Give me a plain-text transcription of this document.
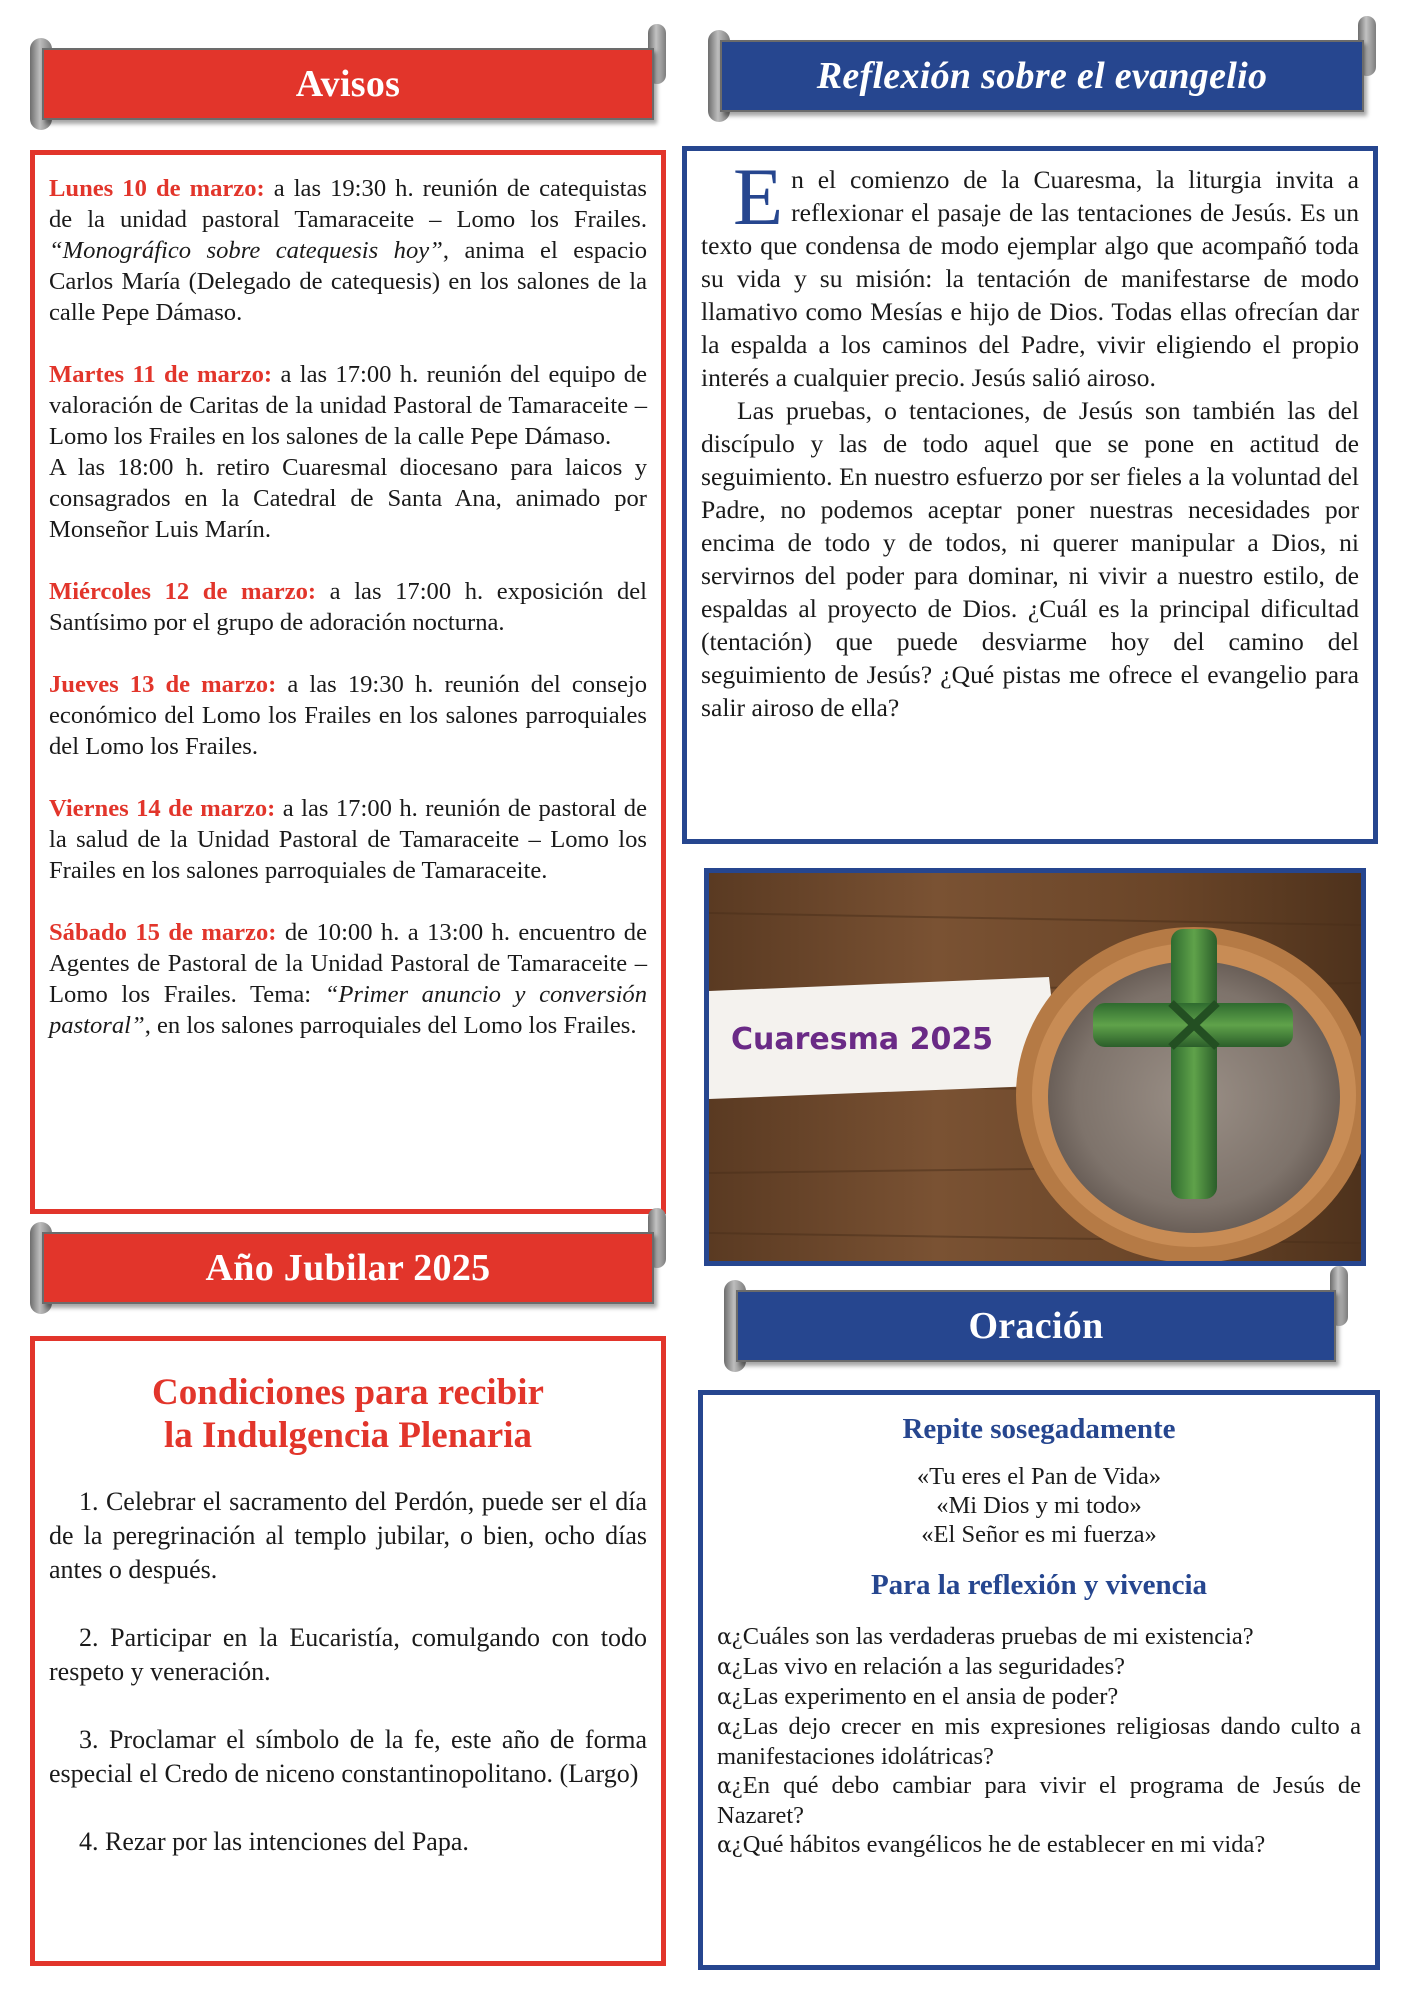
Avisos
Lunes 10 de marzo: a las 19:30 h. reunión de catequistas de la unidad pastoral Tamaraceite – Lomo los Frailes. “Monográfico sobre catequesis hoy”, anima el espacio Carlos María (Delegado de catequesis) en los salones de la calle Pepe Dámaso.
Martes 11 de marzo: a las 17:00 h. reunión del equipo de valoración de Caritas de la unidad Pastoral de Tamaraceite – Lomo los Frailes en los salones de la calle Pepe Dámaso.
A las 18:00 h. retiro Cuaresmal diocesano para laicos y consagrados en la Catedral de Santa Ana, animado por Monseñor Luis Marín.
Miércoles 12 de marzo: a las 17:00 h. exposición del Santísimo por el grupo de adoración nocturna.
Jueves 13 de marzo: a las 19:30 h. reunión del consejo económico del Lomo los Frailes en los salones parroquiales del Lomo los Frailes.
Viernes 14 de marzo: a las 17:00 h. reunión de pastoral de la salud de la Unidad Pastoral de Tamaraceite – Lomo los Frailes en los salones parroquiales de Tamaraceite.
Sábado 15 de marzo: de 10:00 h. a 13:00 h. encuentro de Agentes de Pastoral de la Unidad Pastoral de Tamaraceite – Lomo los Frailes. Tema: “Primer anuncio y conversión pastoral”, en los salones parroquiales del Lomo los Frailes.
Año Jubilar 2025
Condiciones para recibir
la Indulgencia Plenaria
1. Celebrar el sacramento del Perdón, puede ser el día de la peregrinación al templo jubilar, o bien, ocho días antes o después.
2. Participar en la Eucaristía, comulgando con todo respeto y veneración.
3. Proclamar el símbolo de la fe, este año de forma especial el Credo de niceno constantinopolitano. (Largo)
4. Rezar por las intenciones del Papa.
Reflexión sobre el evangelio

En el comienzo de la Cuaresma, la liturgia invita a reflexionar el pasaje de las tentaciones de Jesús. Es un texto que condensa de modo ejemplar algo que acompañó toda su vida y su misión: la tentación de manifestarse de modo llamativo como Mesías e hijo de Dios. Todas ellas ofrecían dar la espalda a los caminos del Padre, vivir eligiendo el propio interés a cualquier precio. Jesús salió airoso.

Las pruebas, o tentaciones, de Jesús son también las del discípulo y las de todo aquel que se pone en actitud de seguimiento. En nuestro esfuerzo por ser fieles a la voluntad del Padre, no podemos aceptar poner nuestras necesidades por encima de todo y de todos, ni querer manipular a Dios, ni servirnos del poder para dominar, ni vivir a nuestro estilo, de espaldas al proyecto de Dios. ¿Cuál es la principal dificultad (tentación) que puede desviarme hoy del camino del seguimiento de Jesús? ¿Qué pistas me ofrece el evangelio para salir airoso de ella?

Cuaresma 2025
Oración
Repite sosegadamente
«Tu eres el Pan de Vida»
«Mi Dios y mi todo»
«El Señor es mi fuerza»
Para la reflexión y vivencia
α¿Cuáles son las verdaderas pruebas de mi existencia?
α¿Las vivo en relación a las seguridades?
α¿Las experimento en el ansia de poder?
α¿Las dejo crecer en mis expresiones religiosas dando culto a manifestaciones idolátricas?
α¿En qué debo cambiar para vivir el programa de Jesús de Nazaret?
α¿Qué hábitos evangélicos he de establecer en mi vida?
